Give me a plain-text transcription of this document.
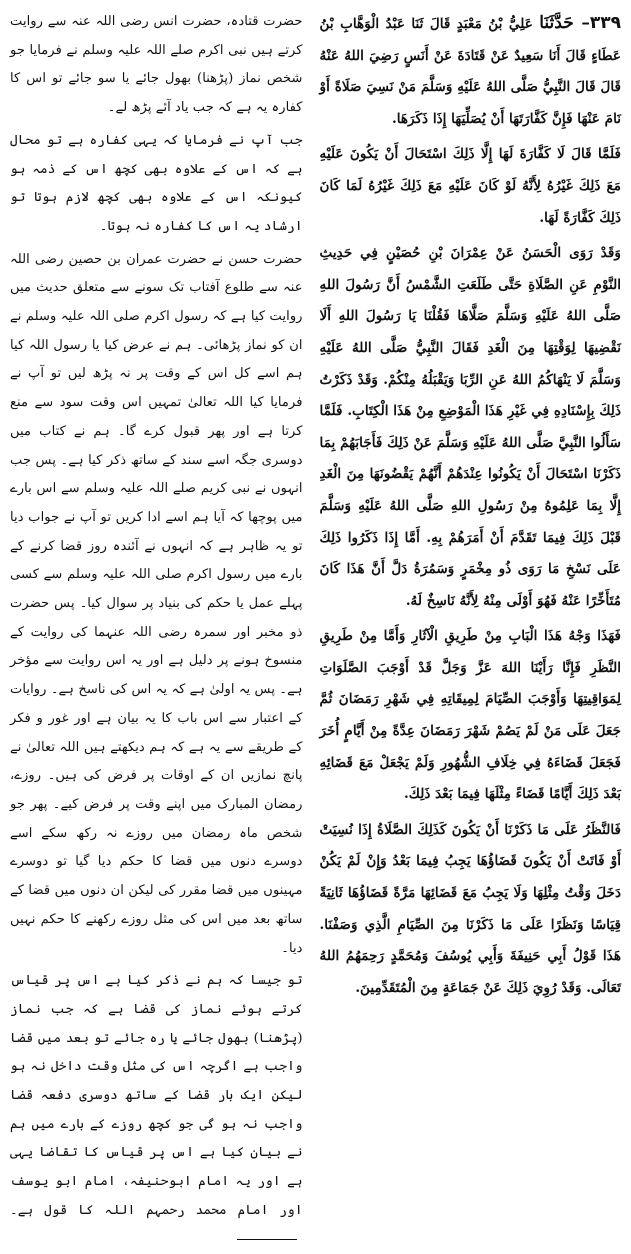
حضرت قتادہ، حضرت انس رضی اللہ عنہ سے روایت کرتے ہیں نبی اکرم صلے اللہ علیہ وسلم نے فرمایا جو شخص نماز (پڑھنا) بھول جائے یا سو جائے تو اس کا کفارہ یہ ہے کہ جب یاد آئے پڑھ لے۔

جب آپ نے فرمایا کہ یہی کفارہ ہے تو محال ہے کہ اس کے علاوہ بھی کچھ اس کے ذمہ ہو کیونکہ اس کے علاوہ بھی کچھ لازم ہوتا تو ارشاد یہ اس کا کفارہ نہ ہوتا۔

حضرت حسن نے حضرت عمران بن حصین رضی اللہ عنہ سے طلوع آفتاب تک سونے سے متعلق حدیث میں روایت کیا ہے کہ رسول اکرم صلی اللہ علیہ وسلم نے ان کو نماز پڑھائی۔ ہم نے عرض کیا یا رسول اللہ کیا ہم اسے کل اس کے وقت پر نہ پڑھ لیں تو آپ نے فرمایا کیا اللہ تعالیٰ تمہیں اس وقت سود سے منع کرتا ہے اور پھر قبول کرے گا۔ ہم نے کتاب میں دوسری جگہ اسے سند کے ساتھ ذکر کیا ہے۔ پس جب انہوں نے نبی کریم صلے اللہ علیہ وسلم سے اس بارے میں پوچھا کہ آیا ہم اسے ادا کریں تو آپ نے جواب دیا تو یہ ظاہر ہے کہ انہوں نے آئندہ روز قضا کرنے کے بارے میں رسول اکرم صلی اللہ علیہ وسلم سے کسی پہلے عمل یا حکم کی بنیاد پر سوال کیا۔ پس حضرت ذو مخبر اور سمرہ رضی اللہ عنہما کی روایت کے منسوخ ہونے پر دلیل ہے اور یہ اس روایت سے مؤخر ہے۔ پس یہ اولیٰ ہے کہ یہ اس کی ناسخ ہے۔ روایات کے اعتبار سے اس باب کا یہ بیان ہے اور غور و فکر کے طریقے سے یہ ہے کہ ہم دیکھتے ہیں اللہ تعالیٰ نے پانچ نمازیں ان کے اوقات پر فرض کی ہیں۔ روزے، رمضان المبارک میں اپنے وقت پر فرض کیے۔ پھر جو شخص ماہ رمضان میں روزے نہ رکھ سکے اسے دوسرے دنوں میں قضا کا حکم دیا گیا تو دوسرے مہینوں میں قضا مقرر کی لیکن ان دنوں میں قضا کے ساتھ بعد میں اس کی مثل روزے رکھنے کا حکم نہیں دیا۔

تو جیسا کہ ہم نے ذکر کیا ہے اس پر قیاس کرتے ہوئے نماز کی قضا ہے کہ جب نماز (پڑھنا) بھول جائے یا رہ جائے تو بعد میں قضا واجب ہے اگرچہ اس کی مثل وقت داخل نہ ہو لیکن ایک بار قضا کے ساتھ دوسری دفعہ قضا واجب نہ ہو گی جو کچھ روزے کے بارے میں ہم نے بیان کیا ہے اس پر قیاس کا تقاضا یہی ہے اور یہ امام ابوحنیفہ، امام ابو یوسف اور امام محمد رحمہم اللہ کا قول ہے۔

۳۳۹– حَدَّثَنَا عَلِيُّ بْنُ مَعْبَدٍ قَالَ ثَنَا عَبْدُ الْوَهَّابِ بْنُ عَطَاءٍ قَالَ أَنَا سَعِيدٌ عَنْ قَتَادَةَ عَنْ أَنَسٍ رَضِيَ اللهُ عَنْهُ قَالَ قَالَ النَّبِيُّ صَلَّى اللهُ عَلَيْهِ وَسَلَّمَ مَنْ نَسِيَ صَلَاةً أَوْ نَامَ عَنْهَا فَإِنَّ كَفَّارَتَهَا أَنْ يُصَلِّيَهَا إِذَا ذَكَرَهَا.

فَلَمَّا قَالَ لَا كَفَّارَةَ لَهَا إِلَّا ذَلِكَ اسْتَحَالَ أَنْ يَكُونَ عَلَيْهِ مَعَ ذَلِكَ غَيْرُهُ لِأَنَّهُ لَوْ كَانَ عَلَيْهِ مَعَ ذَلِكَ غَيْرُهُ لَمَا كَانَ ذَلِكَ كَفَّارَةً لَهَا.

وَقَدْ رَوَى الْحَسَنُ عَنْ عِمْرَانَ بْنِ حُصَيْنٍ فِي حَدِيثِ النَّوْمِ عَنِ الصَّلَاةِ حَتَّى طَلَعَتِ الشَّمْسُ أَنَّ رَسُولَ اللهِ صَلَّى اللهُ عَلَيْهِ وَسَلَّمَ صَلَّاهَا فَقُلْنَا يَا رَسُولَ اللهِ أَلَا نَقْضِيهَا لِوَقْتِهَا مِنَ الْغَدِ فَقَالَ النَّبِيُّ صَلَّى اللهُ عَلَيْهِ وَسَلَّمَ لَا يَنْهَاكُمُ اللهُ عَنِ الرِّبَا وَيَقْبَلُهُ مِنْكُمْ. وَقَدْ ذَكَرْتُ ذَلِكَ بِإِسْنَادِهِ فِي غَيْرِ هَذَا الْمَوْضِعِ مِنْ هَذَا الْكِتَابِ. فَلَمَّا سَأَلُوا النَّبِيَّ صَلَّى اللهُ عَلَيْهِ وَسَلَّمَ عَنْ ذَلِكَ فَأَجَابَهُمْ بِمَا ذَكَرْنَا اسْتَحَالَ أَنْ يَكُونُوا عِنْدَهُمْ أَنَّهُمْ يَقْضُونَهَا مِنَ الْغَدِ إِلَّا بِمَا عَلِمُوهُ مِنْ رَسُولِ اللهِ صَلَّى اللهُ عَلَيْهِ وَسَلَّمَ قَبْلَ ذَلِكَ فِيمَا تَقَدَّمَ أَنْ أَمَرَهُمْ بِهِ. أَمَّا إِذَا ذَكَرُوا ذَلِكَ عَلَى نَسْخِ مَا رَوَى ذُو مِخْمَرٍ وَسَمُرَةُ دَلَّ أَنَّ هَذَا كَانَ مُتَأَخِّرًا عَنْهُ فَهُوَ أَوْلَى مِنْهُ لِأَنَّهُ نَاسِخٌ لَهُ.

فَهَذَا وَجْهُ هَذَا الْبَابِ مِنْ طَرِيقِ الْآثَارِ وَأَمَّا مِنْ طَرِيقِ النَّظَرِ فَإِنَّا رَأَيْنَا اللهَ عَزَّ وَجَلَّ قَدْ أَوْجَبَ الصَّلَوَاتِ لِمَوَاقِيتِهَا وَأَوْجَبَ الصِّيَامَ لِمِيقَاتِهِ فِي شَهْرِ رَمَضَانَ ثُمَّ جَعَلَ عَلَى مَنْ لَمْ يَصُمْ شَهْرَ رَمَضَانَ عِدَّةً مِنْ أَيَّامٍ أُخَرَ فَجَعَلَ قَضَاءَهُ فِي خِلَافِ الشُّهُورِ وَلَمْ يَجْعَلْ مَعَ قَضَائِهِ بَعْدَ ذَلِكَ أَيَّامًا قَضَاءً مِثْلَهَا فِيمَا بَعْدَ ذَلِكَ.

فَالنَّظَرُ عَلَى مَا ذَكَرْنَا أَنْ يَكُونَ كَذَلِكَ الصَّلَاةُ إِذَا نُسِيَتْ أَوْ فَاتَتْ أَنْ يَكُونَ قَضَاؤُهَا يَجِبُ فِيمَا بَعْدُ وَإِنْ لَمْ يَكُنْ دَخَلَ وَقْتُ مِثْلِهَا وَلَا يَجِبُ مَعَ قَضَائِهَا مَرَّةً قَضَاؤُهَا ثَانِيَةً قِيَاسًا وَنَظَرًا عَلَى مَا ذَكَرْنَا مِنَ الصِّيَامِ الَّذِي وَصَفْنَا. هَذَا قَوْلُ أَبِي حَنِيفَةَ وَأَبِي يُوسُفَ وَمُحَمَّدٍ رَحِمَهُمُ اللهُ تَعَالَى. وَقَدْ رُوِيَ ذَلِكَ عَنْ جَمَاعَةٍ مِنَ الْمُتَقَدِّمِينَ.
